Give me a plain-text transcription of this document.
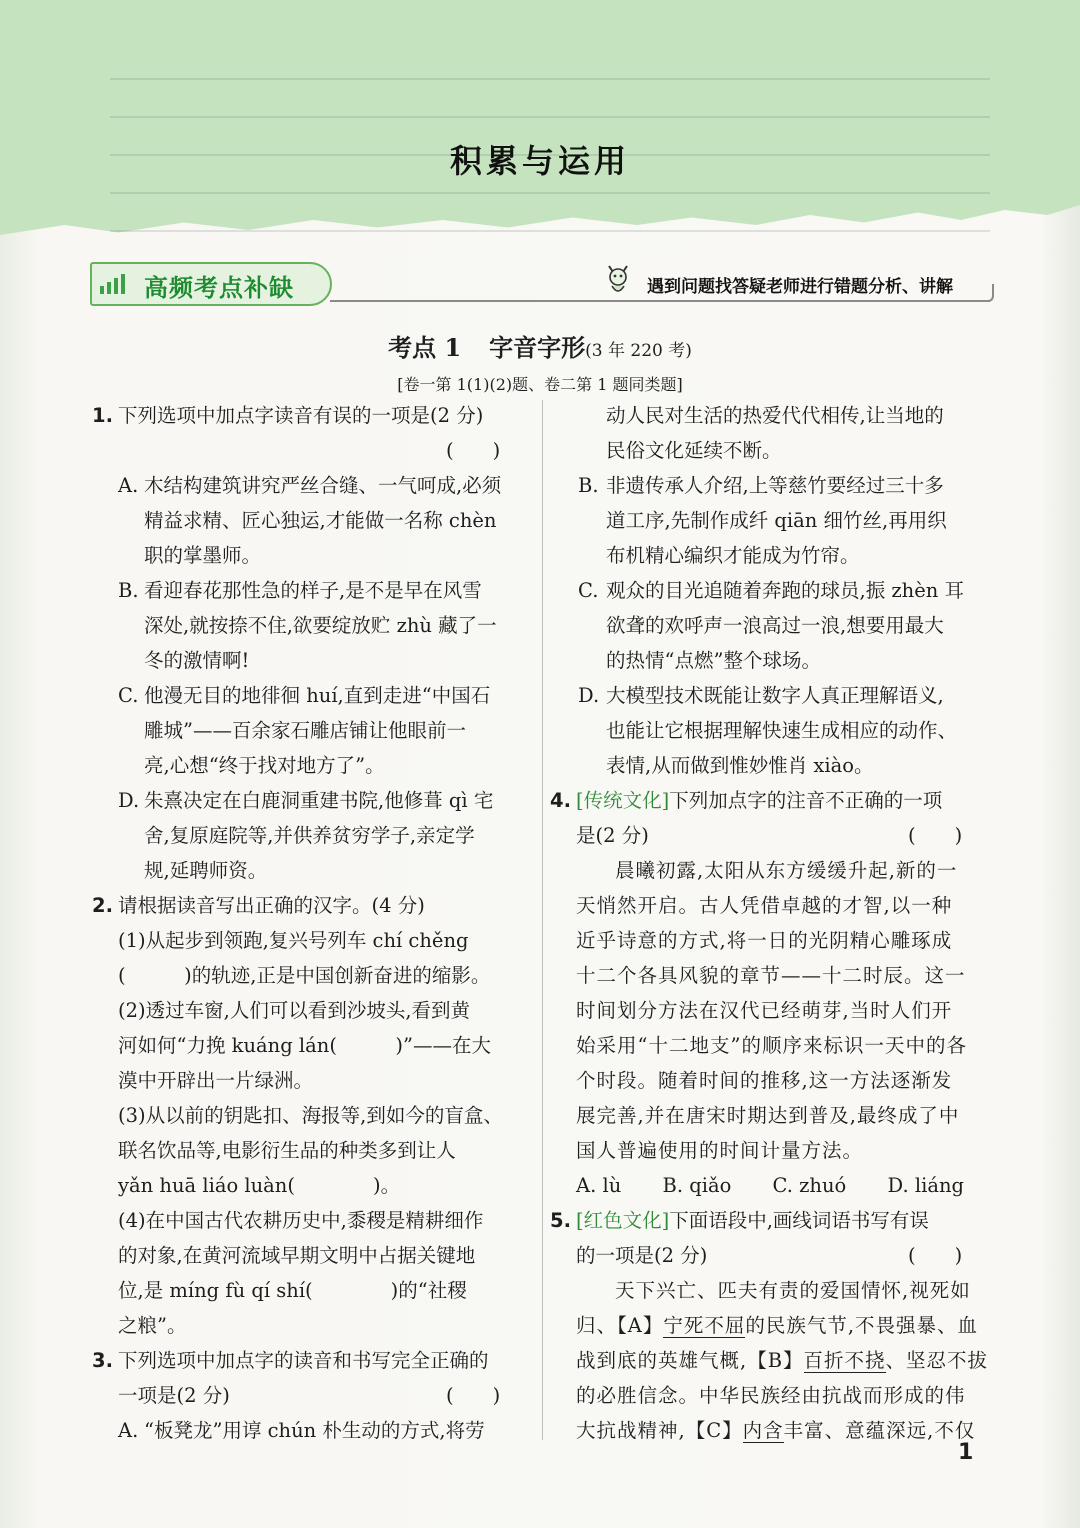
积累与运用
高频考点补缺	遇到问题找答疑老师进行错题分析、讲解
考点 1 字音字形(3 年 220 考)
[卷一第 1(1)(2)题、卷二第 1 题同类题]
1. 下列选项中加点字读音有误的一项是(2 分)
(　　)
A. 木结构建筑讲究严丝合缝、一气呵成,必须
精益求精、匠心独运,才能做一名称 chèn
职的掌墨师。
B. 看迎春花那性急的样子,是不是早在风雪
深处,就按捺不住,欲要绽放贮 zhù 藏了一
冬的激情啊!
C. 他漫无目的地徘徊 huí,直到走进“中国石
雕城”——百余家石雕店铺让他眼前一
亮,心想“终于找对地方了”。
D. 朱熹决定在白鹿洞重建书院,他修葺 qì 宅
舍,复原庭院等,并供养贫穷学子,亲定学
规,延聘师资。
2. 请根据读音写出正确的汉字。(4 分)
(1)从起步到领跑,复兴号列车 chí chěng
(　　　)的轨迹,正是中国创新奋进的缩影。
(2)透过车窗,人们可以看到沙坡头,看到黄
河如何“力挽 kuáng lán(　　　)”——在大
漠中开辟出一片绿洲。
(3)从以前的钥匙扣、海报等,到如今的盲盒、
联名饮品等,电影衍生品的种类多到让人
yǎn huā liáo luàn(　　　　)。
(4)在中国古代农耕历史中,黍稷是精耕细作
的对象,在黄河流域早期文明中占据关键地
位,是 míng fù qí shí(　　　　)的“社稷
之粮”。
3. 下列选项中加点字的读音和书写完全正确的
一项是(2 分)	(　　)
A. “板凳龙”用谆 chún 朴生动的方式,将劳
动人民对生活的热爱代代相传,让当地的
民俗文化延续不断。
B. 非遗传承人介绍,上等慈竹要经过三十多
道工序,先制作成纤 qiān 细竹丝,再用织
布机精心编织才能成为竹帘。
C. 观众的目光追随着奔跑的球员,振 zhèn 耳
欲聋的欢呼声一浪高过一浪,想要用最大
的热情“点燃”整个球场。
D. 大模型技术既能让数字人真正理解语义,
也能让它根据理解快速生成相应的动作、
表情,从而做到惟妙惟肖 xiào。
4. [传统文化]下列加点字的注音不正确的一项
是(2 分)	(　　)
晨曦初露,太阳从东方缓缓升起,新的一
天悄然开启。古人凭借卓越的才智,以一种
近乎诗意的方式,将一日的光阴精心雕琢成
十二个各具风貌的章节——十二时辰。这一
时间划分方法在汉代已经萌芽,当时人们开
始采用“十二地支”的顺序来标识一天中的各
个时段。随着时间的推移,这一方法逐渐发
展完善,并在唐宋时期达到普及,最终成了中
国人普遍使用的时间计量方法。
A. lù B. qiǎo C. zhuó D. liáng
5. [红色文化]下面语段中,画线词语书写有误
的一项是(2 分)	(　　)
天下兴亡、匹夫有责的爱国情怀,视死如
归、【A】宁死不屈的民族气节,不畏强暴、血
战到底的英雄气概,【B】百折不挠、坚忍不拔
的必胜信念。中华民族经由抗战而形成的伟
大抗战精神,【C】内含丰富、意蕴深远,不仅
1
